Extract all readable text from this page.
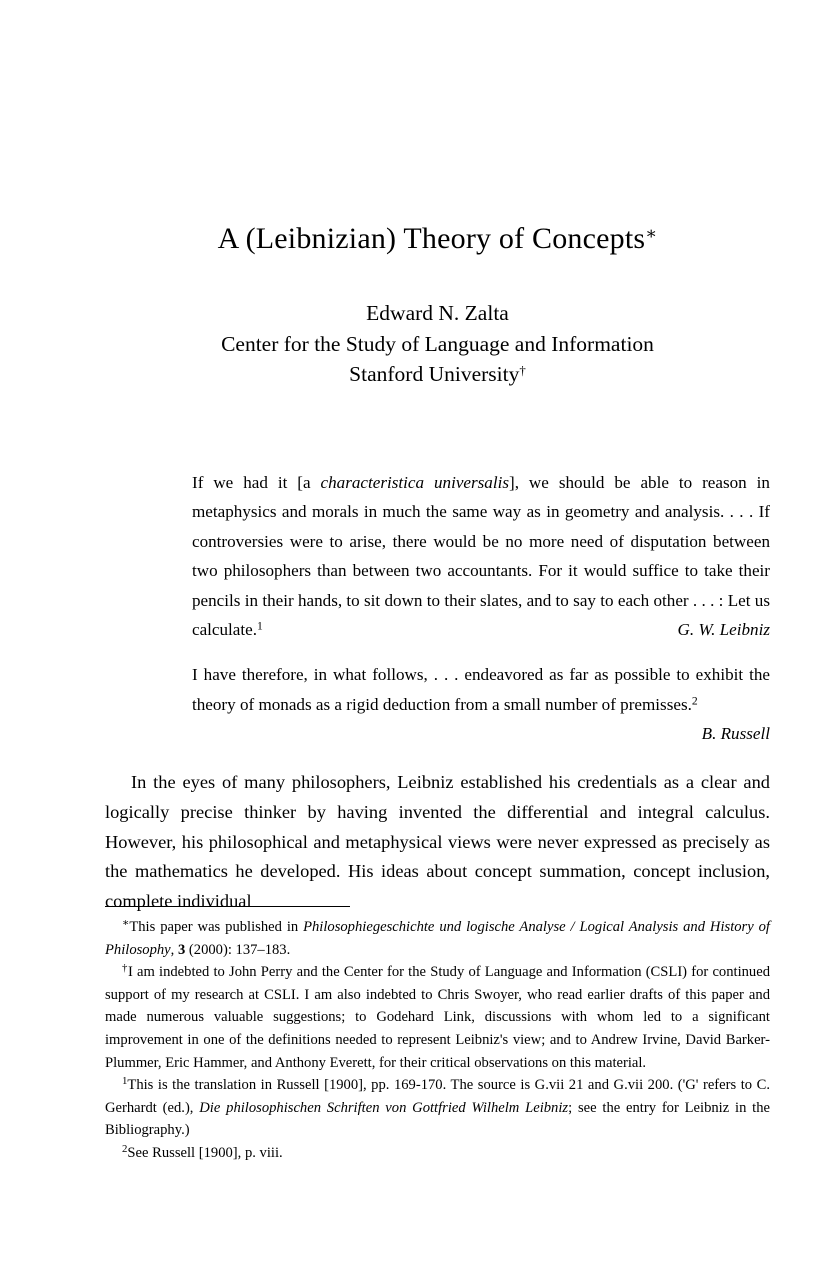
A (Leibnizian) Theory of Concepts∗
Edward N. Zalta
Center for the Study of Language and Information
Stanford University†

If we had it [a characteristica universalis], we should be able to reason in metaphysics and morals in much the same way as in geometry and analysis. . . . If controversies were to arise, there would be no more need of disputation between two philosophers than between two accountants. For it would suffice to take their pencils in their hands, to sit down to their slates, and to say to each other . . . : Let us calculate.$^1$	G. W. Leibniz

I have therefore, in what follows, . . . endeavored as far as possible to exhibit the theory of monads as a rigid deduction from a small number of premisses.$^2$
B. Russell

In the eyes of many philosophers, Leibniz established his credentials as a clear and logically precise thinker by having invented the differential and integral calculus. However, his philosophical and metaphysical views were never expressed as precisely as the mathematics he developed. His ideas about concept summation, concept inclusion, complete individual

∗This paper was published in Philosophiegeschichte und logische Analyse / Logical Analysis and History of Philosophy, 3 (2000): 137–183.

†I am indebted to John Perry and the Center for the Study of Language and Information (CSLI) for continued support of my research at CSLI. I am also indebted to Chris Swoyer, who read earlier drafts of this paper and made numerous valuable suggestions; to Godehard Link, discussions with whom led to a significant improvement in one of the definitions needed to represent Leibniz's view; and to Andrew Irvine, David Barker-Plummer, Eric Hammer, and Anthony Everett, for their critical observations on this material.

$^1$This is the translation in Russell [1900], pp. 169-170. The source is G.vii 21 and G.vii 200. ('G' refers to C. Gerhardt (ed.), Die philosophischen Schriften von Gottfried Wilhelm Leibniz; see the entry for Leibniz in the Bibliography.)

$^2$See Russell [1900], p. viii.
